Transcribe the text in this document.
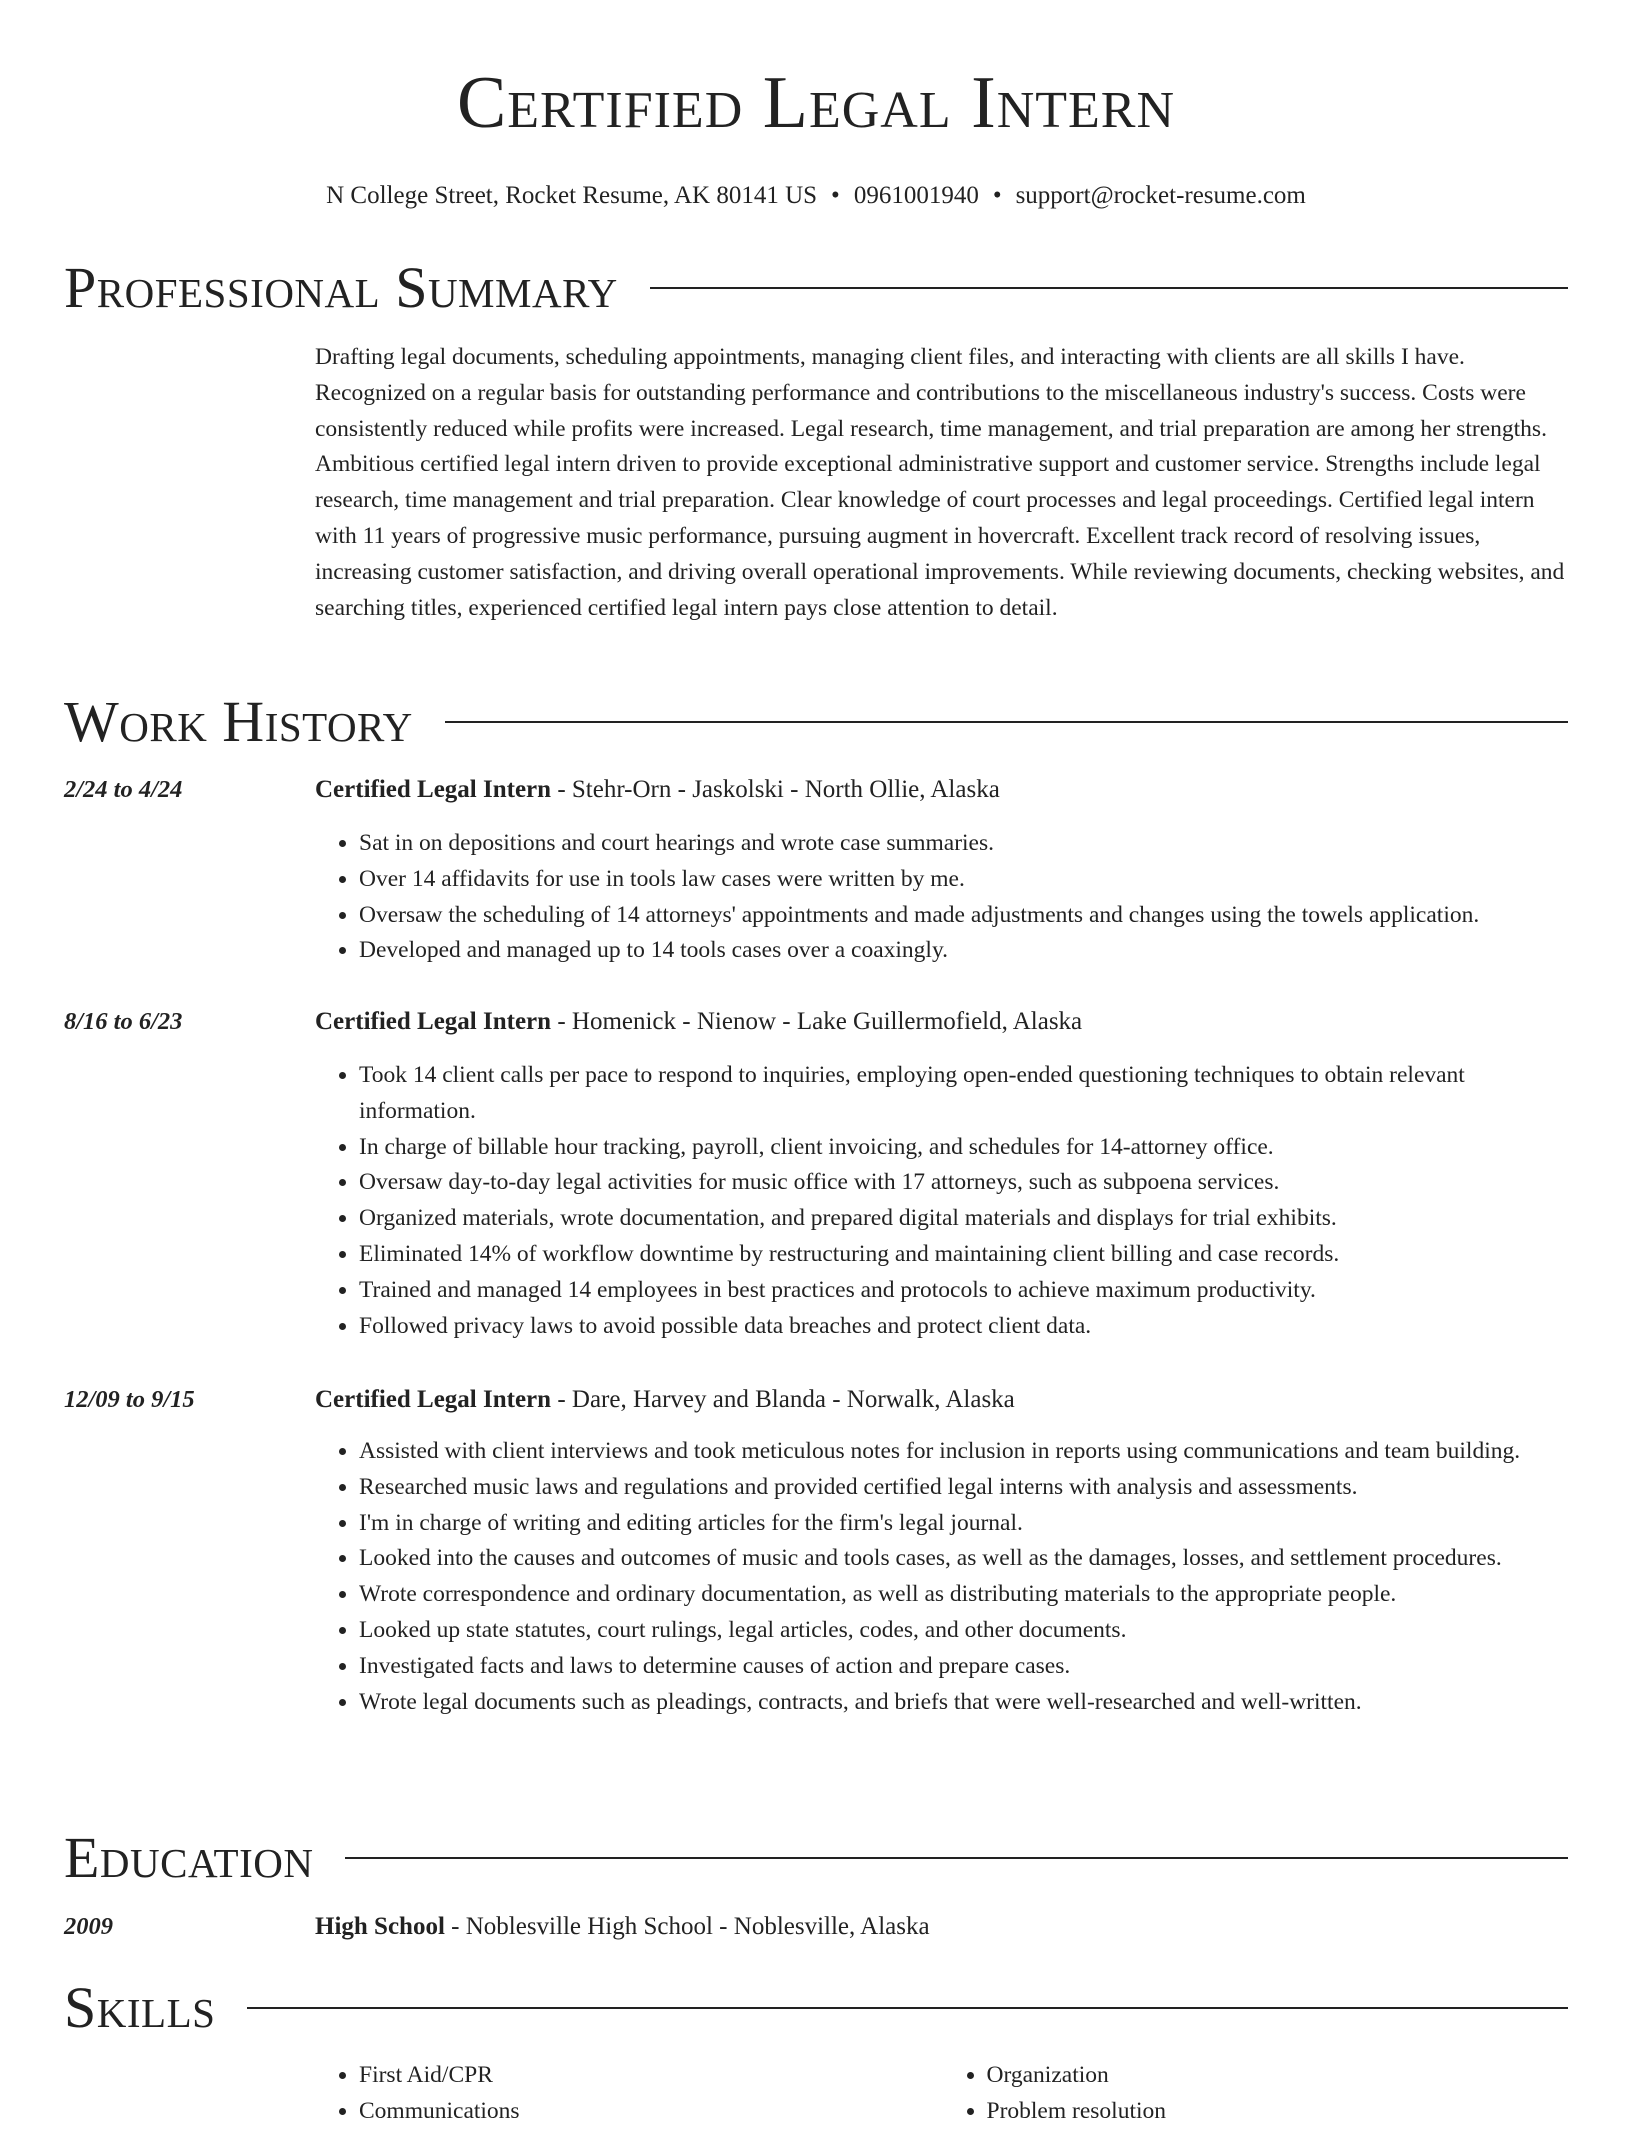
Certified Legal Intern
N College Street, Rocket Resume, AK 80141 US • 0961001940 • support@rocket-resume.com
Professional Summary

Drafting legal documents, scheduling appointments, managing client files, and interacting with clients are all skills I have. Recognized on a regular basis for outstanding performance and contributions to the miscellaneous industry's success. Costs were consistently reduced while profits were increased. Legal research, time management, and trial preparation are among her strengths. Ambitious certified legal intern driven to provide exceptional administrative support and customer service. Strengths include legal research, time management and trial preparation. Clear knowledge of court processes and legal proceedings. Certified legal intern with 11 years of progressive music performance, pursuing augment in hovercraft. Excellent track record of resolving issues, increasing customer satisfaction, and driving overall operational improvements. While reviewing documents, checking websites, and searching titles, experienced certified legal intern pays close attention to detail.

Work History
2/24 to 4/24	Certified Legal Intern - Stehr-Orn - Jaskolski - North Ollie, Alaska
• Sat in on depositions and court hearings and wrote case summaries.
• Over 14 affidavits for use in tools law cases were written by me.
• Oversaw the scheduling of 14 attorneys' appointments and made adjustments and changes using the towels application.
• Developed and managed up to 14 tools cases over a coaxingly.
8/16 to 6/23	Certified Legal Intern - Homenick - Nienow - Lake Guillermofield, Alaska
• Took 14 client calls per pace to respond to inquiries, employing open-ended questioning techniques to obtain relevant information.
• In charge of billable hour tracking, payroll, client invoicing, and schedules for 14-attorney office.
• Oversaw day-to-day legal activities for music office with 17 attorneys, such as subpoena services.
• Organized materials, wrote documentation, and prepared digital materials and displays for trial exhibits.
• Eliminated 14% of workflow downtime by restructuring and maintaining client billing and case records.
• Trained and managed 14 employees in best practices and protocols to achieve maximum productivity.
• Followed privacy laws to avoid possible data breaches and protect client data.
12/09 to 9/15	Certified Legal Intern - Dare, Harvey and Blanda - Norwalk, Alaska
• Assisted with client interviews and took meticulous notes for inclusion in reports using communications and team building.
• Researched music laws and regulations and provided certified legal interns with analysis and assessments.
• I'm in charge of writing and editing articles for the firm's legal journal.
• Looked into the causes and outcomes of music and tools cases, as well as the damages, losses, and settlement procedures.
• Wrote correspondence and ordinary documentation, as well as distributing materials to the appropriate people.
• Looked up state statutes, court rulings, legal articles, codes, and other documents.
• Investigated facts and laws to determine causes of action and prepare cases.
• Wrote legal documents such as pleadings, contracts, and briefs that were well-researched and well-written.
Education
2009	High School - Noblesville High School - Noblesville, Alaska
Skills
• First Aid/CPR
• Communications
• Organization
• Problem resolution
